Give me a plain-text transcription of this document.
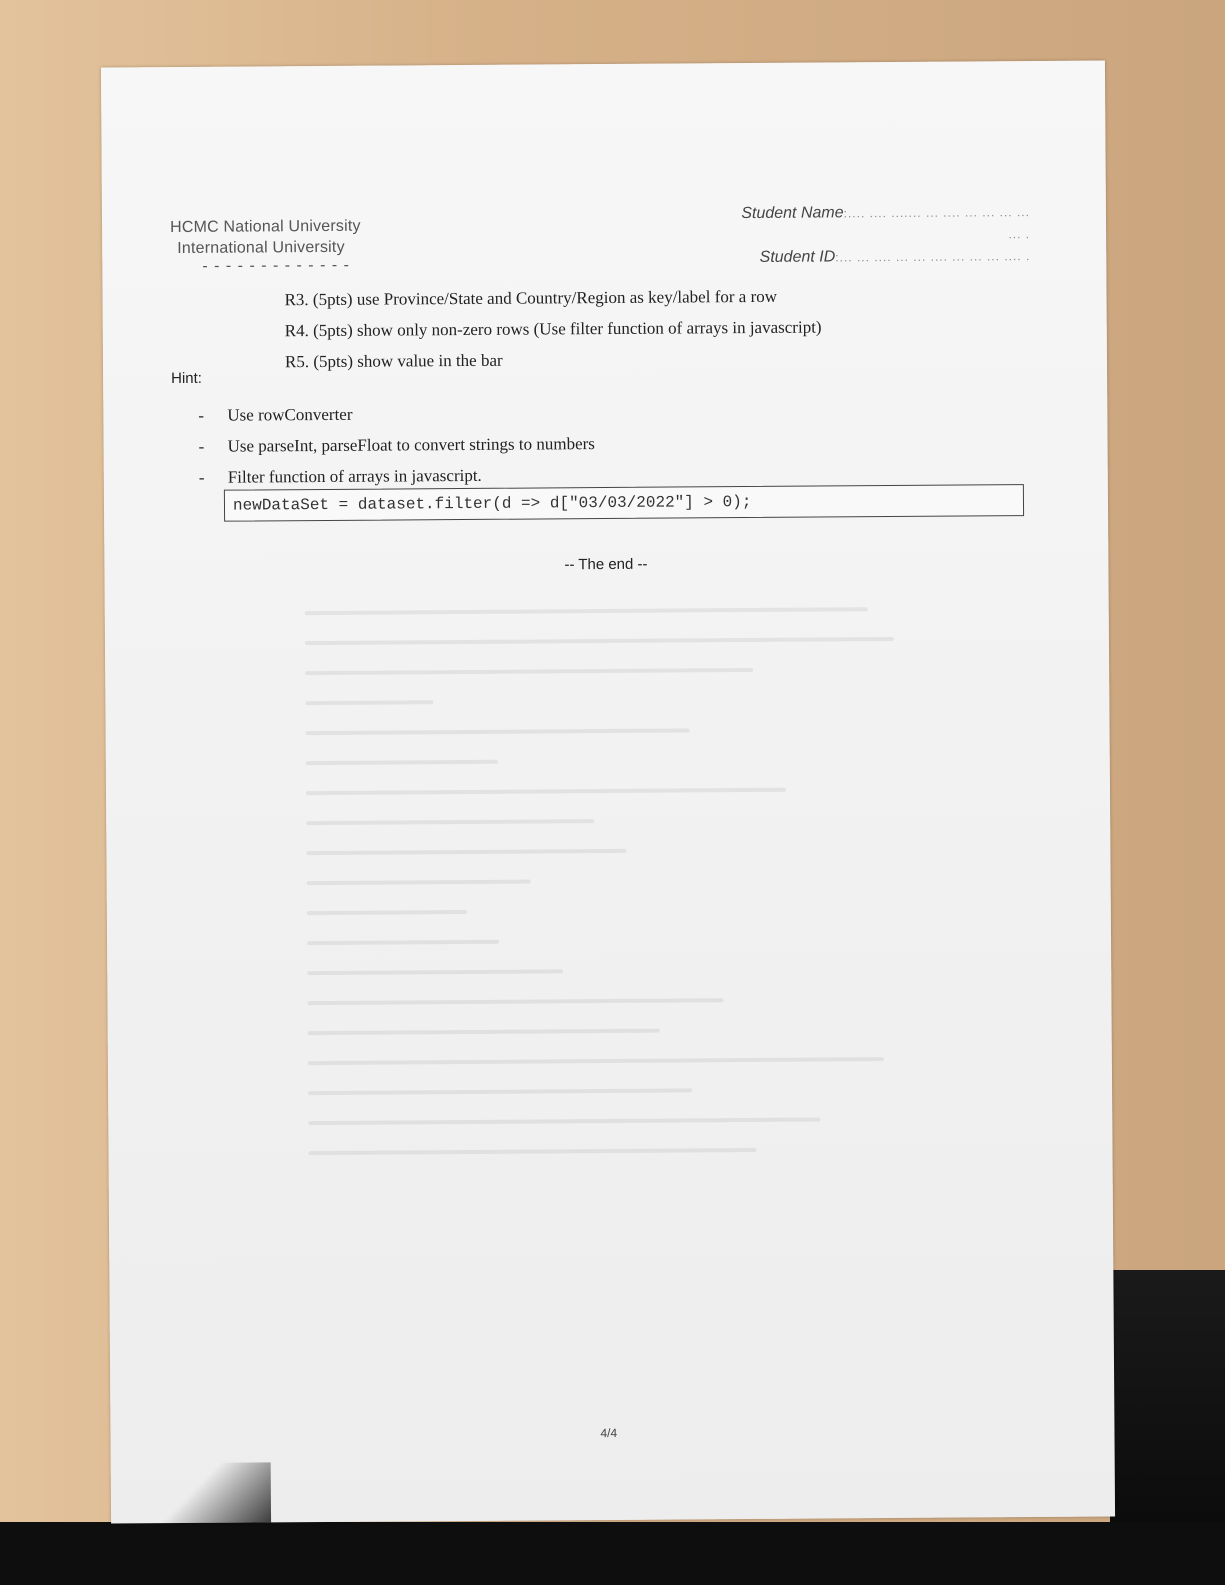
HCMC National University
International University
- - - - - - - - - - - - -
Student Name:.... .... ....... ... .... ... ... ... ... ... .
Student ID:... ... .... ... ... .... ... ... ... .... .
R3. (5pts) use Province/State and Country/Region as key/label for a row
R4. (5pts) show only non-zero rows (Use filter function of arrays in javascript)
R5. (5pts) show value in the bar
Hint:
- Use rowConverter
- Use parseInt, parseFloat to convert strings to numbers
- Filter function of arrays in javascript.
newDataSet = dataset.filter(d => d["03/03/2022"] > 0);
-- The end --
4/4
